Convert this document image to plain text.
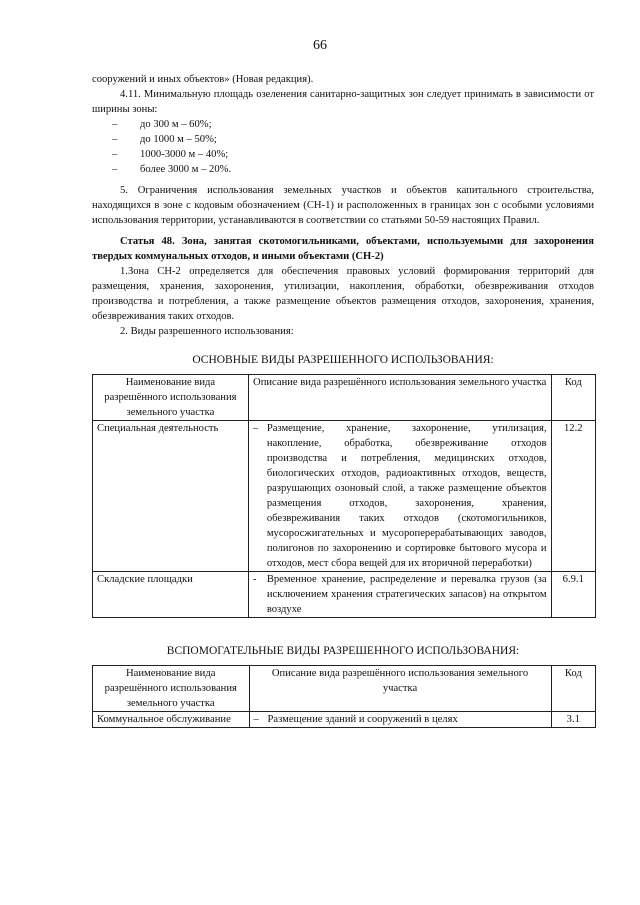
66

сооружений и иных объектов» (Новая редакция).

4.11. Минимальную площадь озеленения санитарно-защитных зон следует принимать в зависимости от ширины зоны:

– до 300 м – 60%;
– до 1000 м – 50%;
– 1000-3000 м – 40%;
– более 3000 м – 20%.

5. Ограничения использования земельных участков и объектов капитального строительства, находящихся в зоне с кодовым обозначением (СН-1) и расположенных в границах зон с особыми условиями использования территории, устанавливаются в соответствии со статьями 50-59 настоящих Правил.

Статья 48. Зона, занятая скотомогильниками, объектами, используемыми для захоронения твердых коммунальных отходов, и иными объектами (СН-2)

1.Зона СН-2 определяется для обеспечения правовых условий формирования территорий для размещения, хранения, захоронения, утилизации, накопления, обработки, обезвреживания отходов производства и потребления, а также размещение объектов размещения отходов, захоронения, хранения, обезвреживания таких отходов.

2. Виды разрешенного использования:

ОСНОВНЫЕ ВИДЫ РАЗРЕШЕННОГО ИСПОЛЬЗОВАНИЯ:
Наименование вида разрешённого использования земельного участка	Описание вида разрешённого использования земельного участка	Код
Специальная деятельность	– Размещение, хранение, захоронение, утилизация, накопление, обработка, обезвреживание отходов производства и потребления, медицинских отходов, биологических отходов, радиоактивных отходов, веществ, разрушающих озоновый слой, а также размещение объектов размещения отходов, захоронения, хранения, обезвреживания таких отходов (скотомогильников, мусоросжигательных и мусороперерабатывающих заводов, полигонов по захоронению и сортировке бытового мусора и отходов, мест сбора вещей для их вторичной переработки)	12.2
Складские площадки	- Временное хранение, распределение и перевалка грузов (за исключением хранения стратегических запасов) на открытом воздухе	6.9.1
ВСПОМОГАТЕЛЬНЫЕ ВИДЫ РАЗРЕШЕННОГО ИСПОЛЬЗОВАНИЯ:
Наименование вида разрешённого использования земельного участка	Описание вида разрешённого использования земельного участка	Код
Коммунальное обслуживание	– Размещение зданий и сооружений в целях	3.1
